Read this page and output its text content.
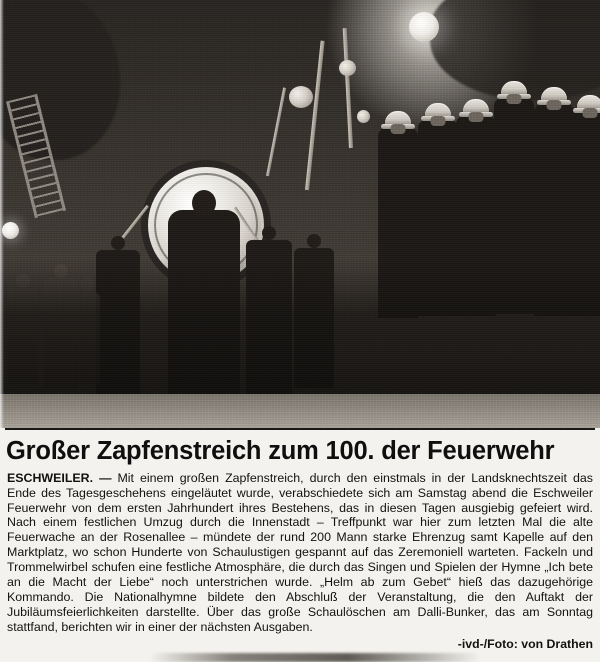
Großer Zapfenstreich zum 100. der Feuerwehr

ESCHWEILER. — Mit einem großen Zapfenstreich, durch den einstmals in der Landsknechtszeit das Ende des Tagesgeschehens eingeläutet wurde, verabschiedete sich am Samstag abend die Eschweiler Feuerwehr von dem ersten Jahrhundert ihres Bestehens, das in diesen Tagen ausgiebig gefeiert wird. Nach einem festlichen Umzug durch die Innenstadt – Treffpunkt war hier zum letzten Mal die alte Feuerwache an der Rosenallee – mündete der rund 200 Mann starke Ehrenzug samt Kapelle auf den Marktplatz, wo schon Hunderte von Schaulustigen gespannt auf das Zeremoniell warteten. Fackeln und Trommelwirbel schufen eine festliche Atmosphäre, die durch das Singen und Spielen der Hymne „Ich bete an die Macht der Liebe“ noch unterstrichen wurde. „Helm ab zum Gebet“ hieß das dazugehörige Kommando. Die Nationalhymne bildete den Abschluß der Veranstaltung, die den Auftakt der Jubiläumsfeierlichkeiten darstellte. Über das große Schaulöschen am Dalli-Bunker, das am Sonntag stattfand, berichten wir in einer der nächsten Ausgaben.

-ivd-/Foto: von Drathen
